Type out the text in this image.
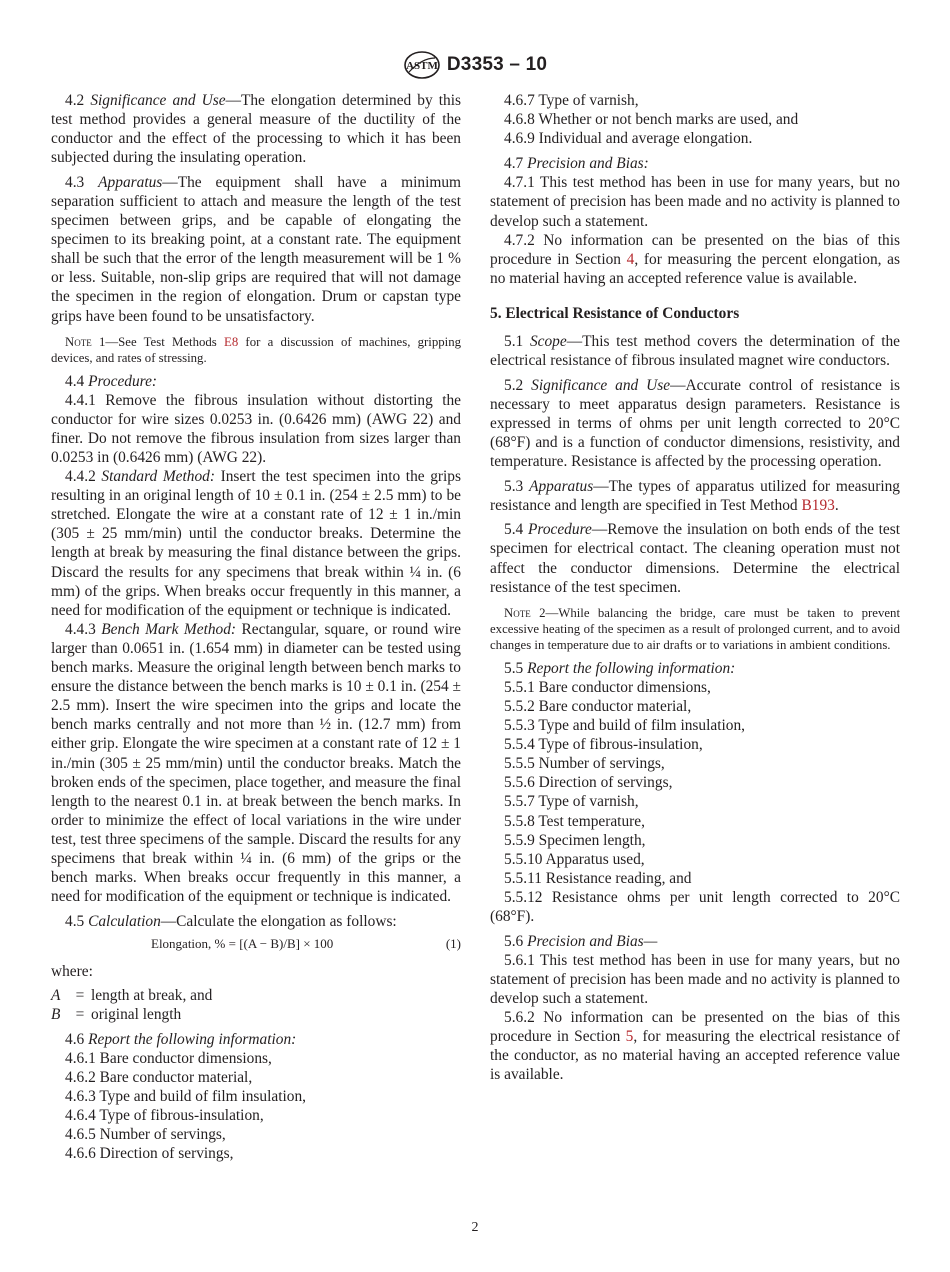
ASTM D3353 – 10

4.2 Significance and Use—The elongation determined by this test method provides a general measure of the ductility of the conductor and the effect of the processing to which it has been subjected during the insulating operation.

4.3 Apparatus—The equipment shall have a minimum separation sufficient to attach and measure the length of the test specimen between grips, and be capable of elongating the specimen to its breaking point, at a constant rate. The equipment shall be such that the error of the length measurement will be 1 % or less. Suitable, non-slip grips are required that will not damage the specimen in the region of elongation. Drum or capstan type grips have been found to be unsatisfactory.

Note 1—See Test Methods E8 for a discussion of machines, gripping devices, and rates of stressing.

4.4 Procedure:

4.4.1 Remove the fibrous insulation without distorting the conductor for wire sizes 0.0253 in. (0.6426 mm) (AWG 22) and finer. Do not remove the fibrous insulation from sizes larger than 0.0253 in (0.6426 mm) (AWG 22).

4.4.2 Standard Method: Insert the test specimen into the grips resulting in an original length of 10 ± 0.1 in. (254 ± 2.5 mm) to be stretched. Elongate the wire at a constant rate of 12 ± 1 in./min (305 ± 25 mm/min) until the conductor breaks. Determine the length at break by measuring the final distance between the grips. Discard the results for any specimens that break within ¼ in. (6 mm) of the grips. When breaks occur frequently in this manner, a need for modification of the equipment or technique is indicated.

4.4.3 Bench Mark Method: Rectangular, square, or round wire larger than 0.0651 in. (1.654 mm) in diameter can be tested using bench marks. Measure the original length between bench marks to ensure the distance between the bench marks is 10 ± 0.1 in. (254 ± 2.5 mm). Insert the wire specimen into the grips and locate the bench marks centrally and not more than ½ in. (12.7 mm) from either grip. Elongate the wire specimen at a constant rate of 12 ± 1 in./min (305 ± 25 mm/min) until the conductor breaks. Match the broken ends of the specimen, place together, and measure the final length to the nearest 0.1 in. at break between the bench marks. In order to minimize the effect of local variations in the wire under test, test three specimens of the sample. Discard the results for any specimens that break within ¼ in. (6 mm) of the grips or the bench marks. When breaks occur frequently in this manner, a need for modification of the equipment or technique is indicated.

4.5 Calculation—Calculate the elongation as follows:

Elongation, % = [(A − B)/B] × 100	(1)

where:

A = length at break, and
B = original length

4.6 Report the following information:

4.6.1 Bare conductor dimensions,

4.6.2 Bare conductor material,

4.6.3 Type and build of film insulation,

4.6.4 Type of fibrous-insulation,

4.6.5 Number of servings,

4.6.6 Direction of servings,

4.6.7 Type of varnish,

4.6.8 Whether or not bench marks are used, and

4.6.9 Individual and average elongation.

4.7 Precision and Bias:

4.7.1 This test method has been in use for many years, but no statement of precision has been made and no activity is planned to develop such a statement.

4.7.2 No information can be presented on the bias of this procedure in Section 4, for measuring the percent elongation, as no material having an accepted reference value is available.

5. Electrical Resistance of Conductors

5.1 Scope—This test method covers the determination of the electrical resistance of fibrous insulated magnet wire conductors.

5.2 Significance and Use—Accurate control of resistance is necessary to meet apparatus design parameters. Resistance is expressed in terms of ohms per unit length corrected to 20°C (68°F) and is a function of conductor dimensions, resistivity, and temperature. Resistance is affected by the processing operation.

5.3 Apparatus—The types of apparatus utilized for measuring resistance and length are specified in Test Method B193.

5.4 Procedure—Remove the insulation on both ends of the test specimen for electrical contact. The cleaning operation must not affect the conductor dimensions. Determine the electrical resistance of the test specimen.

Note 2—While balancing the bridge, care must be taken to prevent excessive heating of the specimen as a result of prolonged current, and to avoid changes in temperature due to air drafts or to variations in ambient conditions.

5.5 Report the following information:

5.5.1 Bare conductor dimensions,

5.5.2 Bare conductor material,

5.5.3 Type and build of film insulation,

5.5.4 Type of fibrous-insulation,

5.5.5 Number of servings,

5.5.6 Direction of servings,

5.5.7 Type of varnish,

5.5.8 Test temperature,

5.5.9 Specimen length,

5.5.10 Apparatus used,

5.5.11 Resistance reading, and

5.5.12 Resistance ohms per unit length corrected to 20°C (68°F).

5.6 Precision and Bias—

5.6.1 This test method has been in use for many years, but no statement of precision has been made and no activity is planned to develop such a statement.

5.6.2 No information can be presented on the bias of this procedure in Section 5, for measuring the electrical resistance of the conductor, as no material having an accepted reference value is available.

2
